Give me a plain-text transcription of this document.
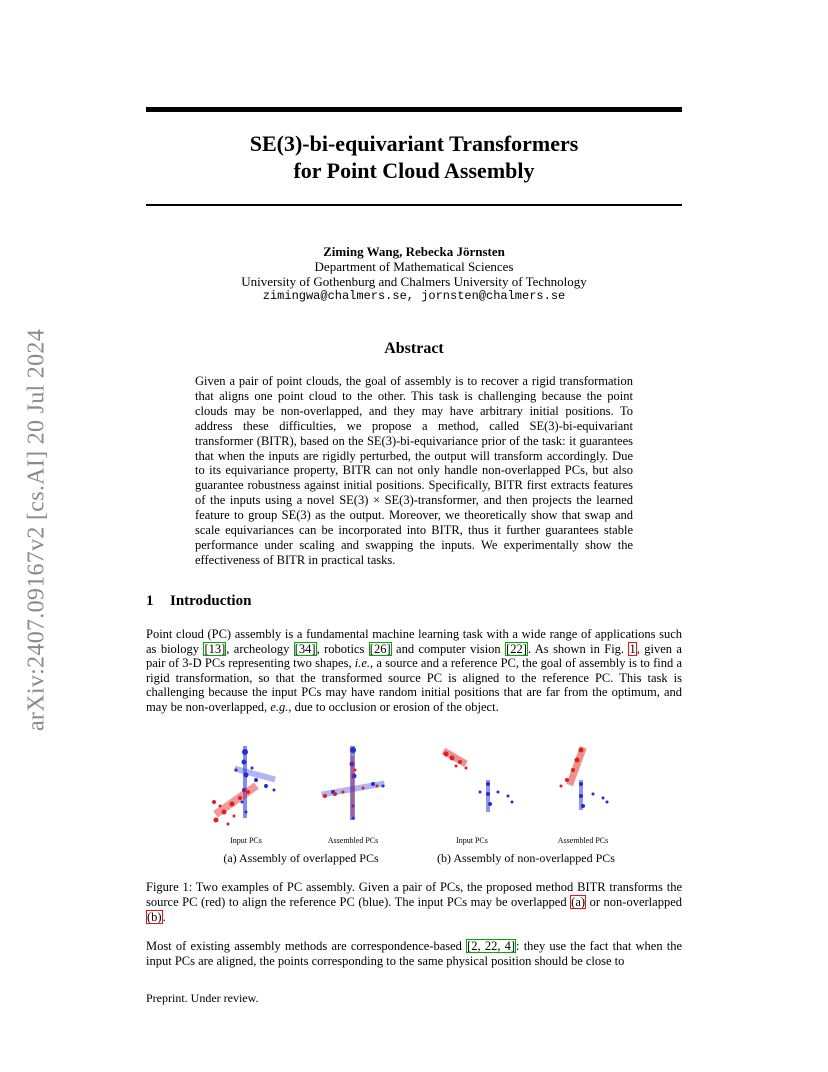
arXiv:2407.09167v2 [cs.AI] 20 Jul 2024
SE(3)-bi-equivariant Transformers
for Point Cloud Assembly
Ziming Wang, Rebecka Jörnsten
Department of Mathematical Sciences
University of Gothenburg and Chalmers University of Technology
zimingwa@chalmers.se, jornsten@chalmers.se
Abstract
Given a pair of point clouds, the goal of assembly is to recover a rigid transformation that aligns one point cloud to the other. This task is challenging because the point clouds may be non-overlapped, and they may have arbitrary initial positions. To address these difficulties, we propose a method, called SE(3)-bi-equivariant transformer (BITR), based on the SE(3)-bi-equivariance prior of the task: it guarantees that when the inputs are rigidly perturbed, the output will transform accordingly. Due to its equivariance property, BITR can not only handle non-overlapped PCs, but also guarantee robustness against initial positions. Specifically, BITR first extracts features of the inputs using a novel SE(3) × SE(3)-transformer, and then projects the learned feature to group SE(3) as the output. Moreover, we theoretically show that swap and scale equivariances can be incorporated into BITR, thus it further guarantees stable performance under scaling and swapping the inputs. We experimentally show the effectiveness of BITR in practical tasks.
1 Introduction
Point cloud (PC) assembly is a fundamental machine learning task with a wide range of applications such as biology [13], archeology [34], robotics [26] and computer vision [22]. As shown in Fig. 1, given a pair of 3-D PCs representing two shapes, i.e., a source and a reference PC, the goal of assembly is to find a rigid transformation, so that the transformed source PC is aligned to the reference PC. This task is challenging because the input PCs may have random initial positions that are far from the optimum, and may be non-overlapped, e.g., due to occlusion or erosion of the object.
Input PCs	Assembled PCs
(a) Assembly of overlapped PCs
Input PCs	Assembled PCs
(b) Assembly of non-overlapped PCs
Figure 1: Two examples of PC assembly. Given a pair of PCs, the proposed method BITR transforms the source PC (red) to align the reference PC (blue). The input PCs may be overlapped (a) or non-overlapped (b).
Most of existing assembly methods are correspondence-based [2, 22, 4]: they use the fact that when the input PCs are aligned, the points corresponding to the same physical position should be close to
Preprint. Under review.
